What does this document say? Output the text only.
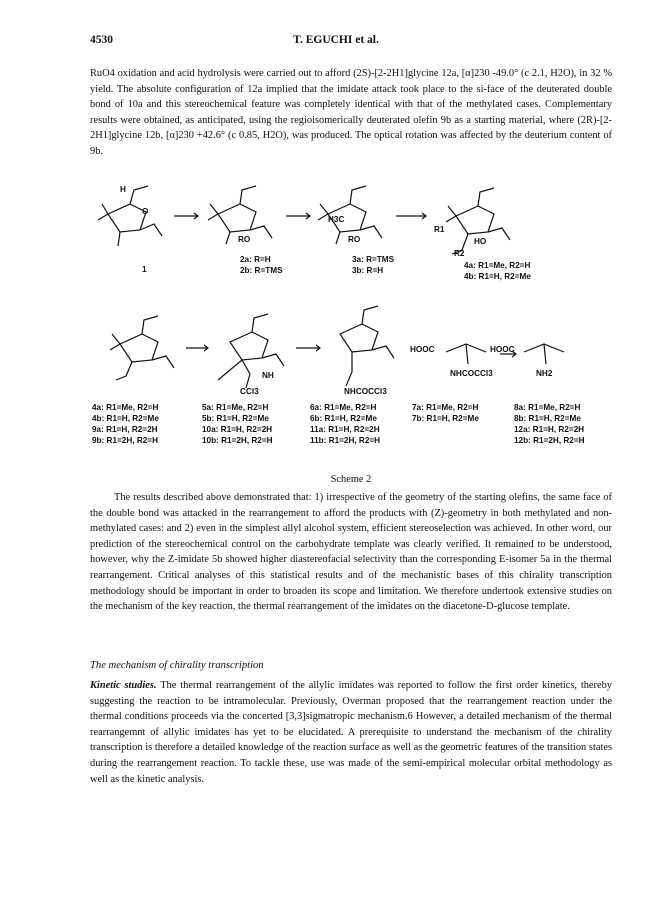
4530	T. EGUCHI et al.

RuO4 oxidation and acid hydrolysis were carried out to afford (2S)-[2-2H1]glycine 12a, [α]230 -49.0° (c 2.1, H2O), in 32 % yield. The absolute configuration of 12a implied that the imidate attack took place to the si-face of the deuterated double bond of 10a and this stereochemical feature was completely identical with that of the methylated cases. Complementary results were obtained, as anticipated, using the regioisomerically deuterated olefin 9b as a starting material, where (2R)-[2-2H1]glycine 12b, [α]230 +42.6° (c 0.85, H2O), was produced. The optical rotation was affected by the deuterium content of 9b.

H
O
RO
H3C
RO
R1
R2
HO
1
2a: R=H
2b: R=TMS
3a: R=TMS
3b: R=H
4a: R1=Me, R2=H
4b: R1=H, R2=Me
NH
CCl3	NHCOCCl3
HOOC
NHCOCCl3
HOOC
NH2
4a: R1=Me, R2=H
4b: R1=H, R2=Me
9a: R1=H, R2=2H
9b: R1=2H, R2=H
5a: R1=Me, R2=H
5b: R1=H, R2=Me
10a: R1=H, R2=2H
10b: R1=2H, R2=H
6a: R1=Me, R2=H
6b: R1=H, R2=Me
11a: R1=H, R2=2H
11b: R1=2H, R2=H
7a: R1=Me, R2=H
7b: R1=H, R2=Me
8a: R1=Me, R2=H
8b: R1=H, R2=Me
12a: R1=H, R2=2H
12b: R1=2H, R2=H
Scheme 2

The results described above demonstrated that: 1) irrespective of the geometry of the starting olefins, the same face of the double bond was attacked in the rearrangement to afford the products with (Z)-geometry in both methylated and non-methylated cases: and 2) even in the simplest allyl alcohol system, efficient stereoselection was achieved. In other word, our prediction of the stereochemical control on the carbohydrate template was clearly verified. It remained to be understood, however, why the Z-imidate 5b showed higher diastereofacial selectivity than the corresponding E-isomer 5a in the thermal rearrangement. Critical analyses of this statistical results and of the mechanistic bases of this chirality transcription methodology should be important in order to broaden its scope and limitation. We therefore undertook extensive studies on the mechanism of the key reaction, the thermal rearrangement of the imidates on the diacetone-D-glucose template.

The mechanism of chirality transcription

Kinetic studies. The thermal rearrangement of the allylic imidates was reported to follow the first order kinetics, thereby suggesting the reaction to be intramolecular. Previously, Overman proposed that the rearrangement reaction under the thermal conditions proceeds via the concerted [3,3]sigmatropic mechanism.6 However, a detailed mechanism of the thermal rearrangemnt of allylic imidates has yet to be elucidated. A prerequisite to understand the mechanism of the chirality transcription is therefore a detailed knowledge of the reaction surface as well as the geometric features of the transition states during the rearrangement reaction. To tackle these, use was made of the semi-empirical molecular orbital methodology as well as the kinetic analysis.
